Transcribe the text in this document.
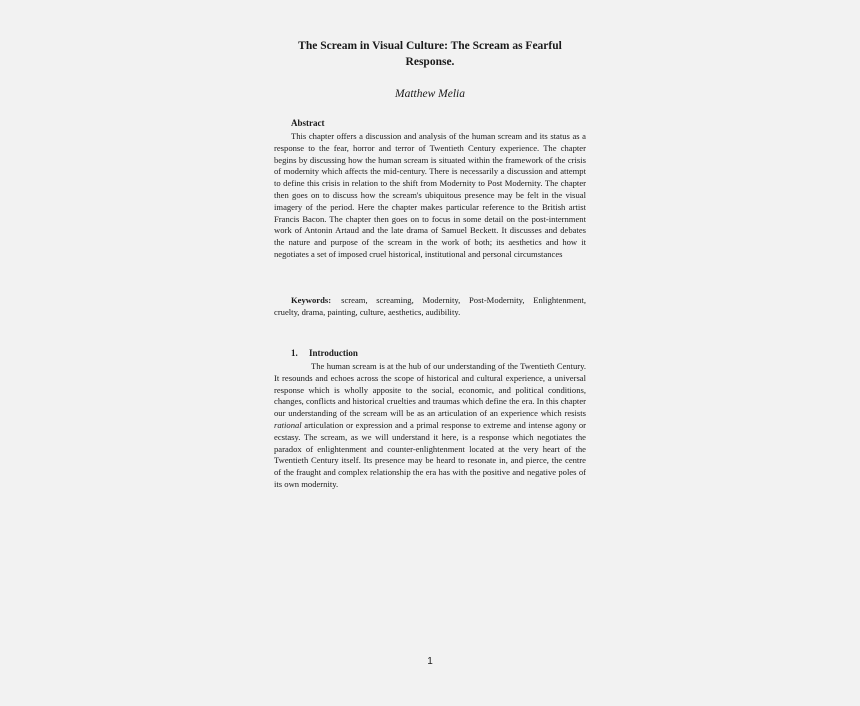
The Scream in Visual Culture: The Scream as Fearful Response.
Matthew Melia
Abstract

This chapter offers a discussion and analysis of the human scream and its status as a response to the fear, horror and terror of Twentieth Century experience. The chapter begins by discussing how the human scream is situated within the framework of the crisis of modernity which affects the mid-century. There is necessarily a discussion and attempt to define this crisis in relation to the shift from Modernity to Post Modernity. The chapter then goes on to discuss how the scream's ubiquitous presence may be felt in the visual imagery of the period. Here the chapter makes particular reference to the British artist Francis Bacon. The chapter then goes on to focus in some detail on the post-internment work of Antonin Artaud and the late drama of Samuel Beckett. It discusses and debates the nature and purpose of the scream in the work of both; its aesthetics and how it negotiates a set of imposed cruel historical, institutional and personal circumstances

Keywords: scream, screaming, Modernity, Post-Modernity, Enlightenment, cruelty, drama, painting, culture, aesthetics, audibility.

1. Introduction

The human scream is at the hub of our understanding of the Twentieth Century. It resounds and echoes across the scope of historical and cultural experience, a universal response which is wholly apposite to the social, economic, and political conditions, changes, conflicts and historical cruelties and traumas which define the era. In this chapter our understanding of the scream will be as an articulation of an experience which resists rational articulation or expression and a primal response to extreme and intense agony or ecstasy. The scream, as we will understand it here, is a response which negotiates the paradox of enlightenment and counter-enlightenment located at the very heart of the Twentieth Century itself. Its presence may be heard to resonate in, and pierce, the centre of the fraught and complex relationship the era has with the positive and negative poles of its own modernity.

1
